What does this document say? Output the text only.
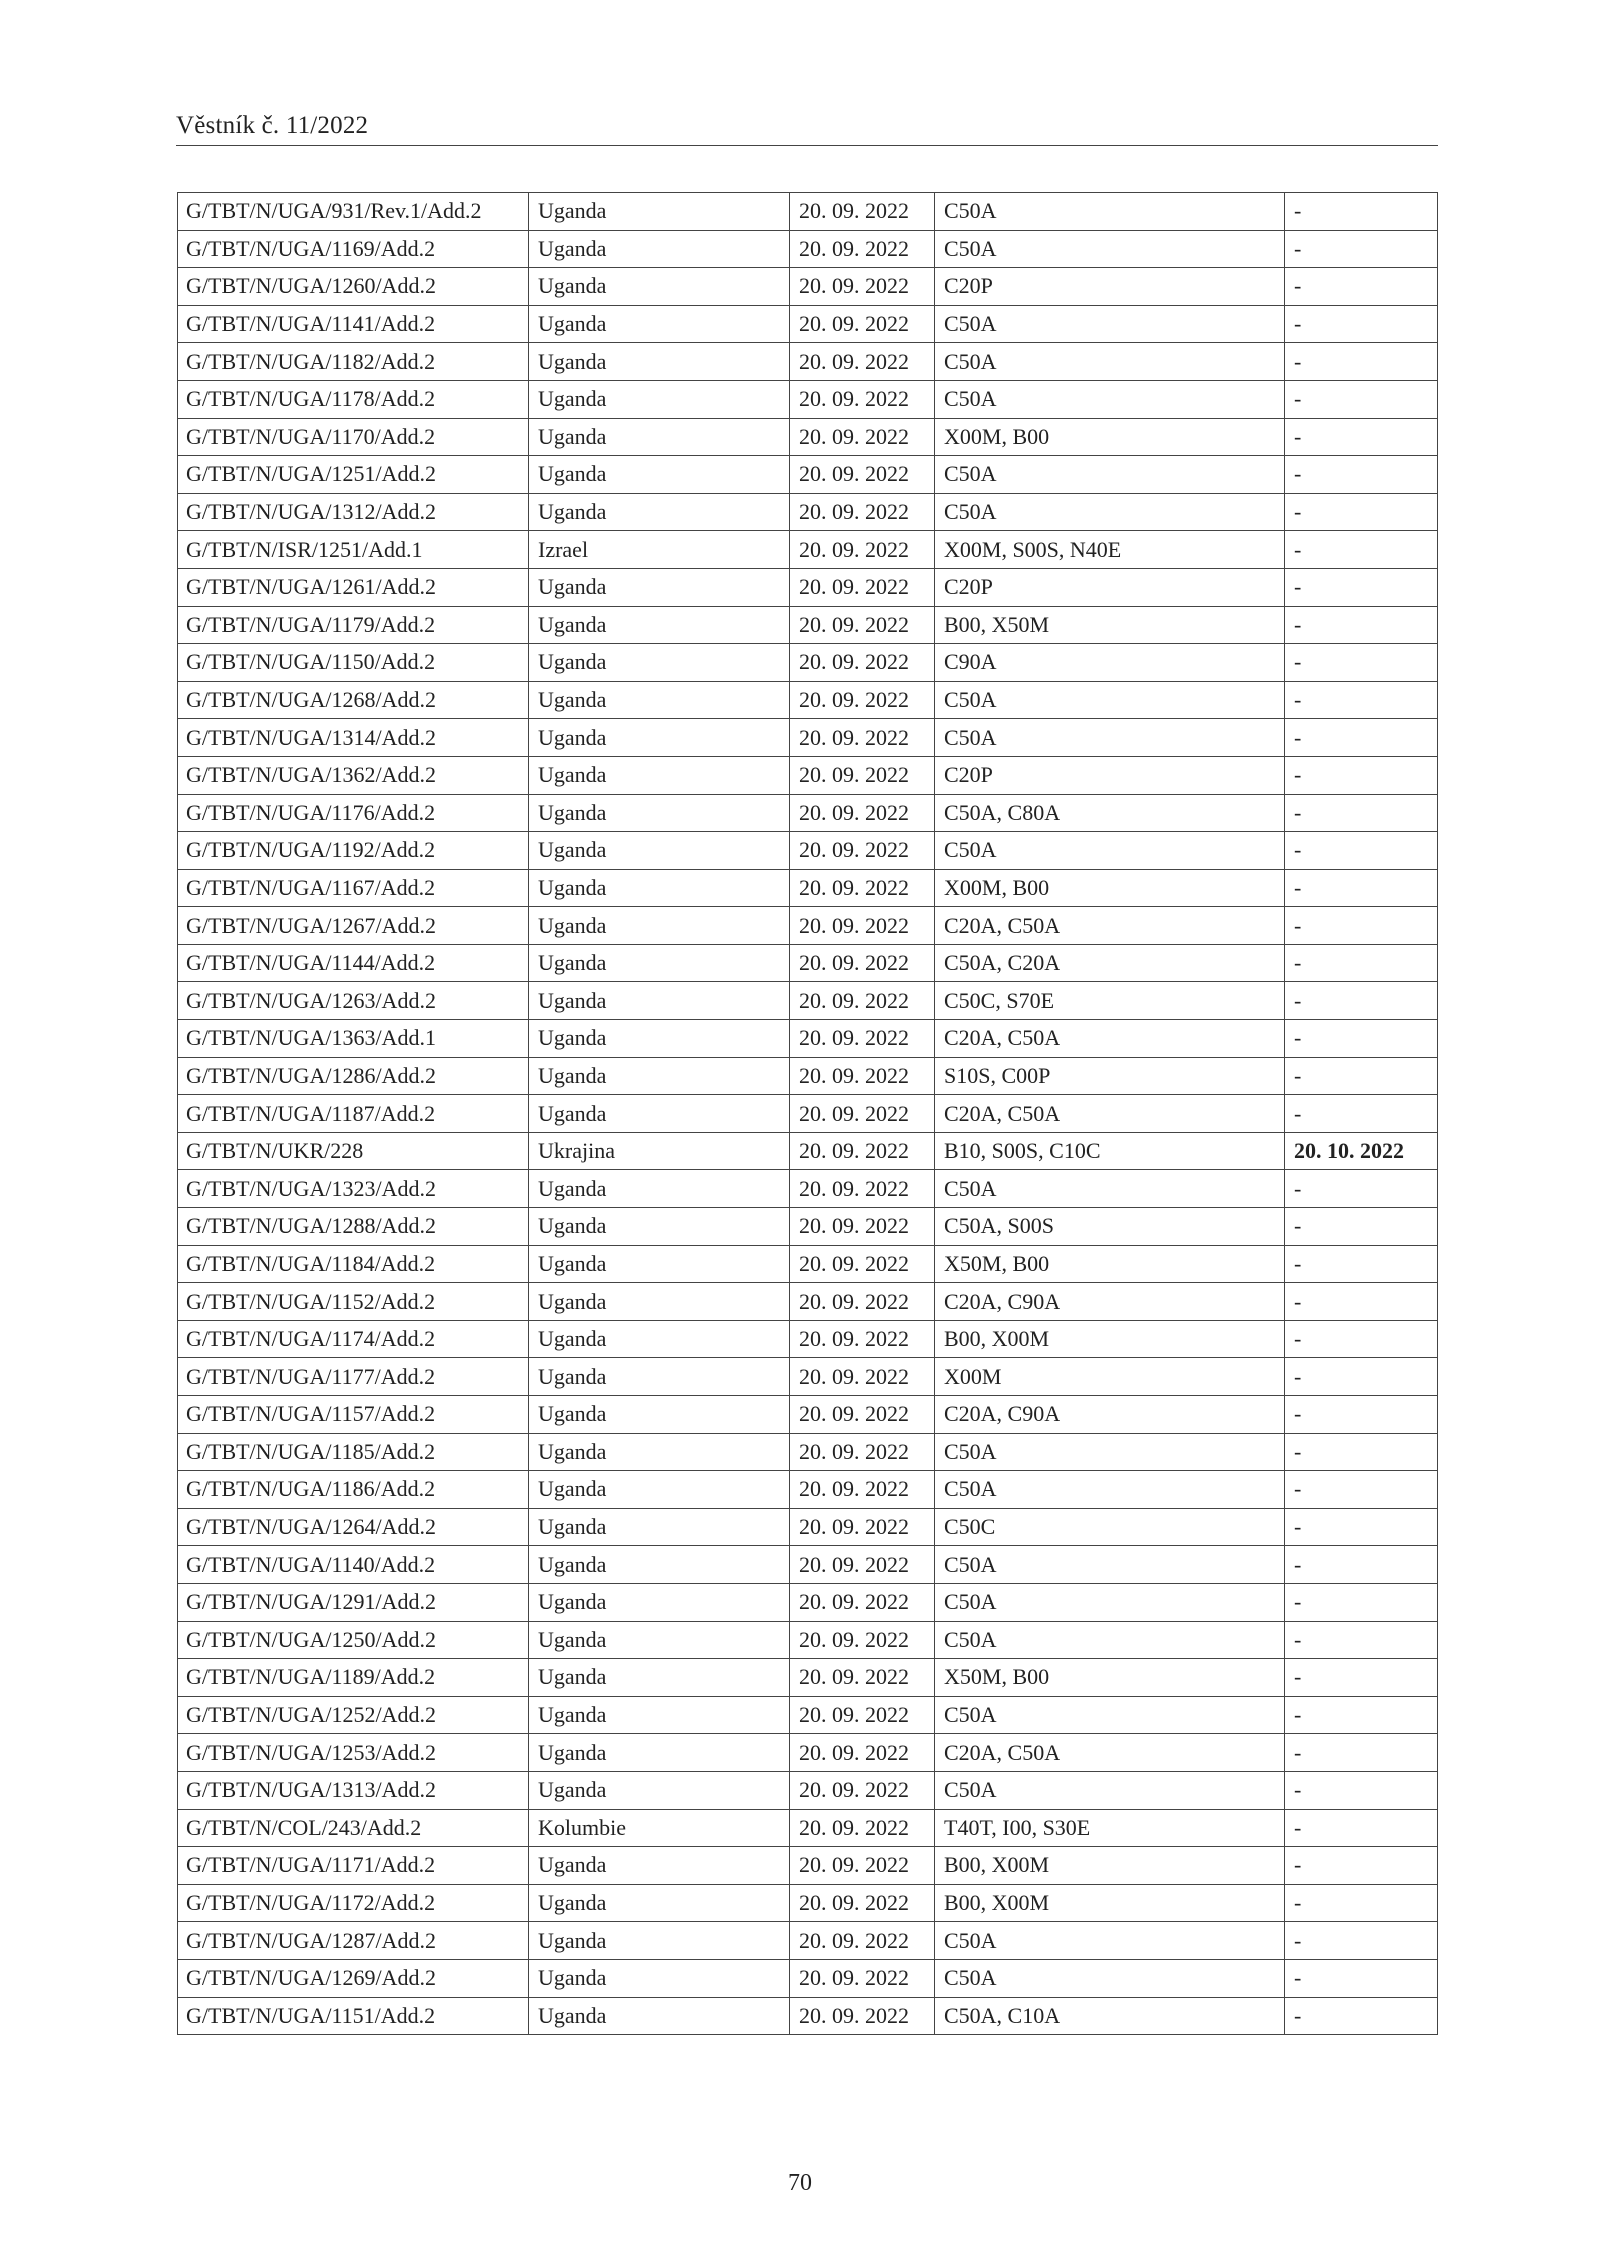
Věstník č. 11/2022
G/TBT/N/UGA/931/Rev.1/Add.2	Uganda	20. 09. 2022	C50A	-
G/TBT/N/UGA/1169/Add.2	Uganda	20. 09. 2022	C50A	-
G/TBT/N/UGA/1260/Add.2	Uganda	20. 09. 2022	C20P	-
G/TBT/N/UGA/1141/Add.2	Uganda	20. 09. 2022	C50A	-
G/TBT/N/UGA/1182/Add.2	Uganda	20. 09. 2022	C50A	-
G/TBT/N/UGA/1178/Add.2	Uganda	20. 09. 2022	C50A	-
G/TBT/N/UGA/1170/Add.2	Uganda	20. 09. 2022	X00M, B00	-
G/TBT/N/UGA/1251/Add.2	Uganda	20. 09. 2022	C50A	-
G/TBT/N/UGA/1312/Add.2	Uganda	20. 09. 2022	C50A	-
G/TBT/N/ISR/1251/Add.1	Izrael	20. 09. 2022	X00M, S00S, N40E	-
G/TBT/N/UGA/1261/Add.2	Uganda	20. 09. 2022	C20P	-
G/TBT/N/UGA/1179/Add.2	Uganda	20. 09. 2022	B00, X50M	-
G/TBT/N/UGA/1150/Add.2	Uganda	20. 09. 2022	C90A	-
G/TBT/N/UGA/1268/Add.2	Uganda	20. 09. 2022	C50A	-
G/TBT/N/UGA/1314/Add.2	Uganda	20. 09. 2022	C50A	-
G/TBT/N/UGA/1362/Add.2	Uganda	20. 09. 2022	C20P	-
G/TBT/N/UGA/1176/Add.2	Uganda	20. 09. 2022	C50A, C80A	-
G/TBT/N/UGA/1192/Add.2	Uganda	20. 09. 2022	C50A	-
G/TBT/N/UGA/1167/Add.2	Uganda	20. 09. 2022	X00M, B00	-
G/TBT/N/UGA/1267/Add.2	Uganda	20. 09. 2022	C20A, C50A	-
G/TBT/N/UGA/1144/Add.2	Uganda	20. 09. 2022	C50A, C20A	-
G/TBT/N/UGA/1263/Add.2	Uganda	20. 09. 2022	C50C, S70E	-
G/TBT/N/UGA/1363/Add.1	Uganda	20. 09. 2022	C20A, C50A	-
G/TBT/N/UGA/1286/Add.2	Uganda	20. 09. 2022	S10S, C00P	-
G/TBT/N/UGA/1187/Add.2	Uganda	20. 09. 2022	C20A, C50A	-
G/TBT/N/UKR/228	Ukrajina	20. 09. 2022	B10, S00S, C10C	20. 10. 2022
G/TBT/N/UGA/1323/Add.2	Uganda	20. 09. 2022	C50A	-
G/TBT/N/UGA/1288/Add.2	Uganda	20. 09. 2022	C50A, S00S	-
G/TBT/N/UGA/1184/Add.2	Uganda	20. 09. 2022	X50M, B00	-
G/TBT/N/UGA/1152/Add.2	Uganda	20. 09. 2022	C20A, C90A	-
G/TBT/N/UGA/1174/Add.2	Uganda	20. 09. 2022	B00, X00M	-
G/TBT/N/UGA/1177/Add.2	Uganda	20. 09. 2022	X00M	-
G/TBT/N/UGA/1157/Add.2	Uganda	20. 09. 2022	C20A, C90A	-
G/TBT/N/UGA/1185/Add.2	Uganda	20. 09. 2022	C50A	-
G/TBT/N/UGA/1186/Add.2	Uganda	20. 09. 2022	C50A	-
G/TBT/N/UGA/1264/Add.2	Uganda	20. 09. 2022	C50C	-
G/TBT/N/UGA/1140/Add.2	Uganda	20. 09. 2022	C50A	-
G/TBT/N/UGA/1291/Add.2	Uganda	20. 09. 2022	C50A	-
G/TBT/N/UGA/1250/Add.2	Uganda	20. 09. 2022	C50A	-
G/TBT/N/UGA/1189/Add.2	Uganda	20. 09. 2022	X50M, B00	-
G/TBT/N/UGA/1252/Add.2	Uganda	20. 09. 2022	C50A	-
G/TBT/N/UGA/1253/Add.2	Uganda	20. 09. 2022	C20A, C50A	-
G/TBT/N/UGA/1313/Add.2	Uganda	20. 09. 2022	C50A	-
G/TBT/N/COL/243/Add.2	Kolumbie	20. 09. 2022	T40T, I00, S30E	-
G/TBT/N/UGA/1171/Add.2	Uganda	20. 09. 2022	B00, X00M	-
G/TBT/N/UGA/1172/Add.2	Uganda	20. 09. 2022	B00, X00M	-
G/TBT/N/UGA/1287/Add.2	Uganda	20. 09. 2022	C50A	-
G/TBT/N/UGA/1269/Add.2	Uganda	20. 09. 2022	C50A	-
G/TBT/N/UGA/1151/Add.2	Uganda	20. 09. 2022	C50A, C10A	-
70
